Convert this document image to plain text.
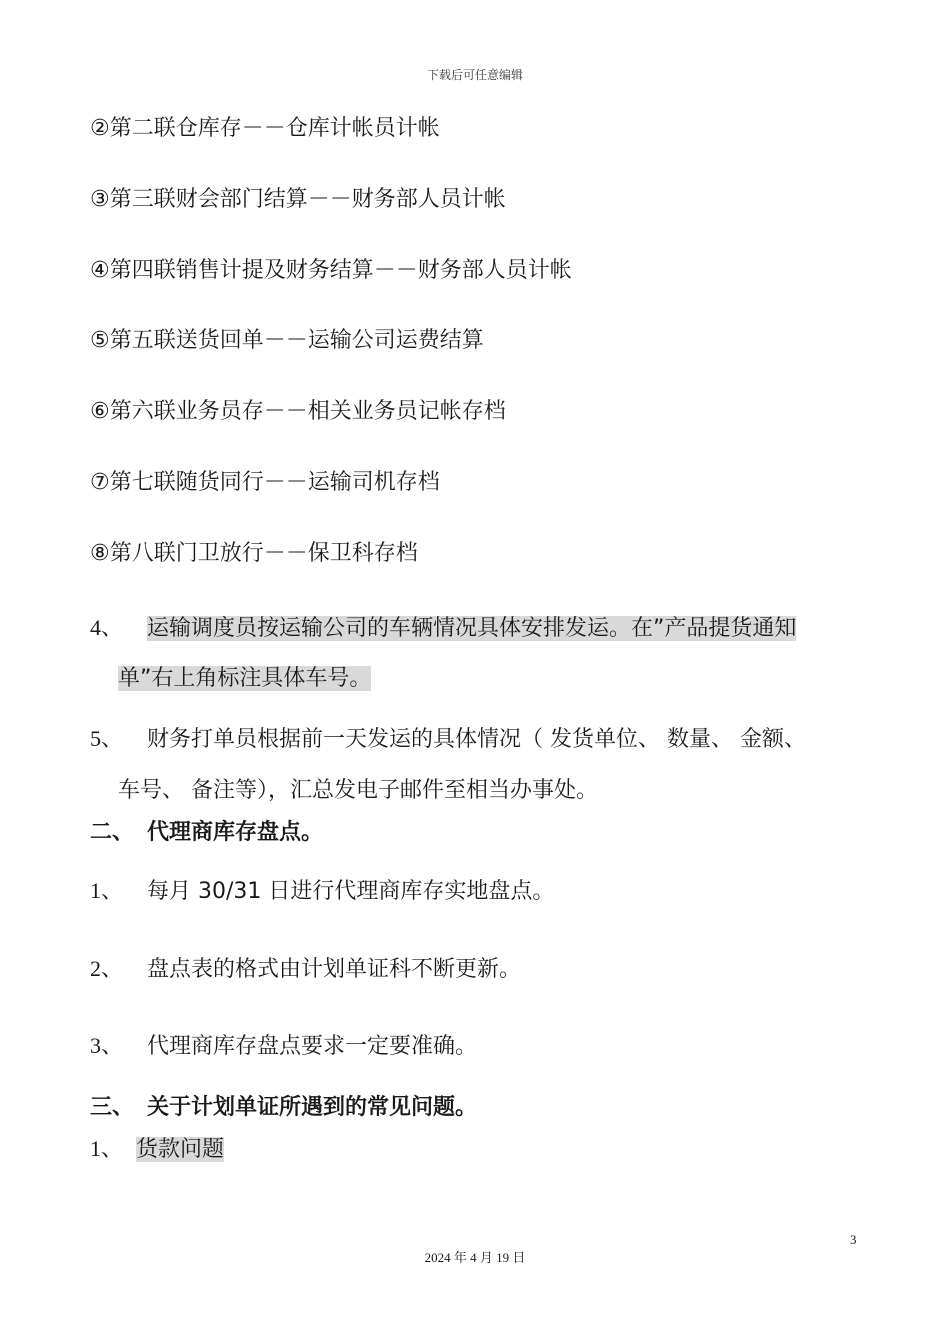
下载后可任意编辑
②第二联仓库存－－仓库计帐员计帐
③第三联财会部门结算－－财务部人员计帐
④第四联销售计提及财务结算－－财务部人员计帐
⑤第五联送货回单－－运输公司运费结算
⑥第六联业务员存－－相关业务员记帐存档
⑦第七联随货同行－－运输司机存档
⑧第八联门卫放行－－保卫科存档
4、 运输调度员按运输公司的车辆情况具体安排发运。在”产品提货通知
单”右上角标注具体车号。
5、 财务打单员根据前一天发运的具体情况（ 发货单位、 数量、 金额、
车号、 备注等），汇总发电子邮件至相当办事处。
二、 代理商库存盘点。
1、 每月 30/31 日进行代理商库存实地盘点。
2、 盘点表的格式由计划单证科不断更新。
3、 代理商库存盘点要求一定要准确。
三、 关于计划单证所遇到的常见问题。
1、 货款问题
3
2024 年 4 月 19 日
